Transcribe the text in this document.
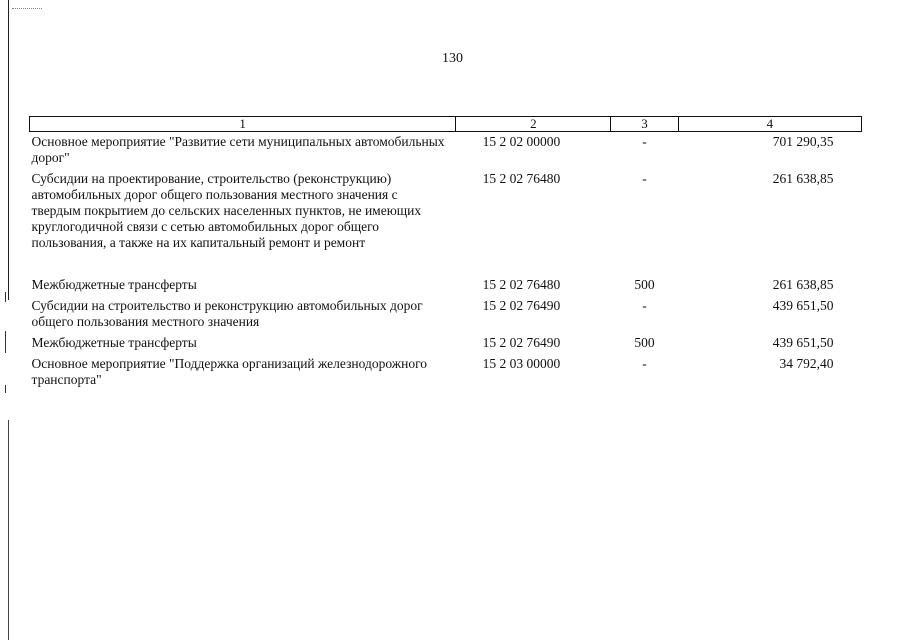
130
1	2	3	4
Основное мероприятие "Развитие сети муниципальных автомобильных дорог"	15 2 02 00000	-	701 290,35
Субсидии на проектирование, строительство (реконструкцию) автомобильных дорог общего пользования местного значения с твердым покрытием до сельских населенных пунктов, не имеющих круглогодичной связи с сетью автомобильных дорог общего пользования, а также на их капитальный ремонт и ремонт	15 2 02 76480	-	261 638,85
Межбюджетные трансферты	15 2 02 76480	500	261 638,85
Субсидии на строительство и реконструкцию автомобильных дорог общего пользования местного значения	15 2 02 76490	-	439 651,50
Межбюджетные трансферты	15 2 02 76490	500	439 651,50
Основное мероприятие "Поддержка организаций железнодорожного транспорта"	15 2 03 00000	-	34 792,40
